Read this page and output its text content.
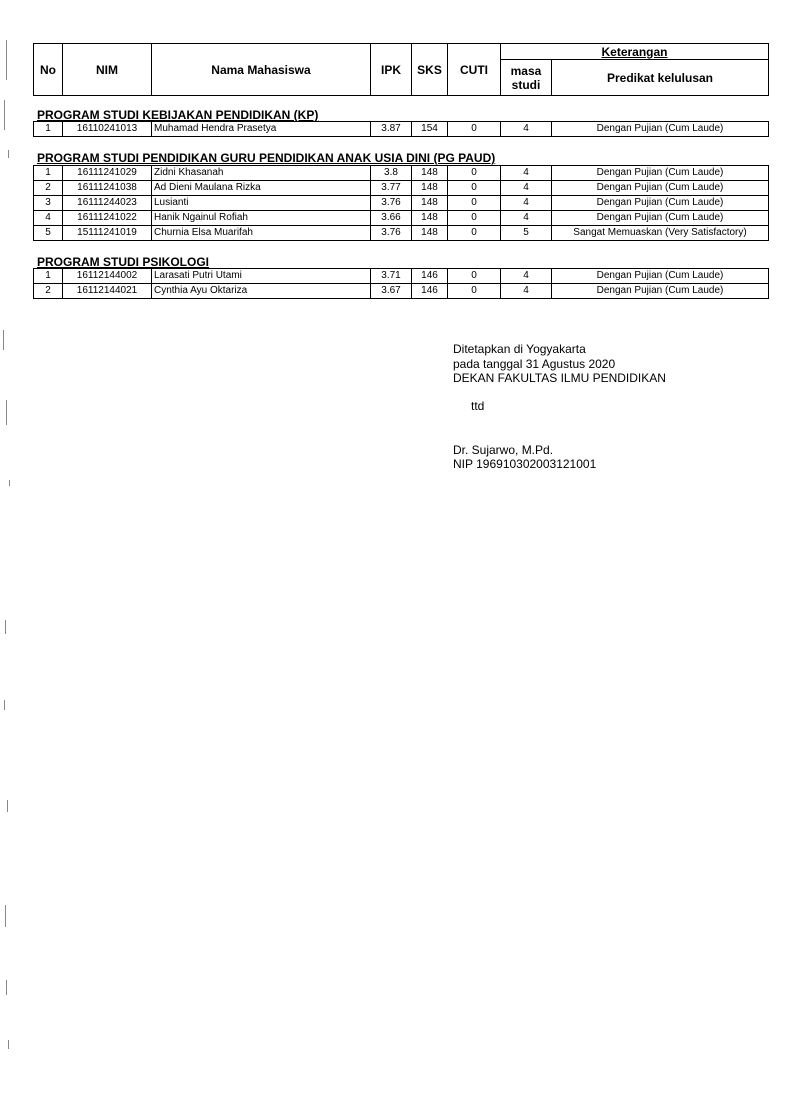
No	NIM	Nama Mahasiswa	IPK	SKS	CUTI	Keterangan	
						masa studi	Predikat kelulusan
PROGRAM STUDI KEBIJAKAN PENDIDIKAN (KP)
1	16110241013	Muhamad Hendra Prasetya	3.87	154	0	4	Dengan Pujian (Cum Laude)
PROGRAM STUDI PENDIDIKAN GURU PENDIDIKAN ANAK USIA DINI (PG PAUD)
1	16111241029	Zidni Khasanah	3.8	148	0	4	Dengan Pujian (Cum Laude)
2	16111241038	Ad Dieni Maulana Rizka	3.77	148	0	4	Dengan Pujian (Cum Laude)
3	16111244023	Lusianti	3.76	148	0	4	Dengan Pujian (Cum Laude)
4	16111241022	Hanik Ngainul Rofiah	3.66	148	0	4	Dengan Pujian (Cum Laude)
5	15111241019	Churnia Elsa Muarifah	3.76	148	0	5	Sangat Memuaskan (Very Satisfactory)
PROGRAM STUDI PSIKOLOGI
1	16112144002	Larasati Putri Utami	3.71	146	0	4	Dengan Pujian (Cum Laude)
2	16112144021	Cynthia Ayu Oktariza	3.67	146	0	4	Dengan Pujian (Cum Laude)
Ditetapkan di Yogyakarta
pada tanggal 31 Agustus 2020
DEKAN FAKULTAS ILMU PENDIDIKAN
ttd
Dr. Sujarwo, M.Pd.
NIP 196910302003121001
